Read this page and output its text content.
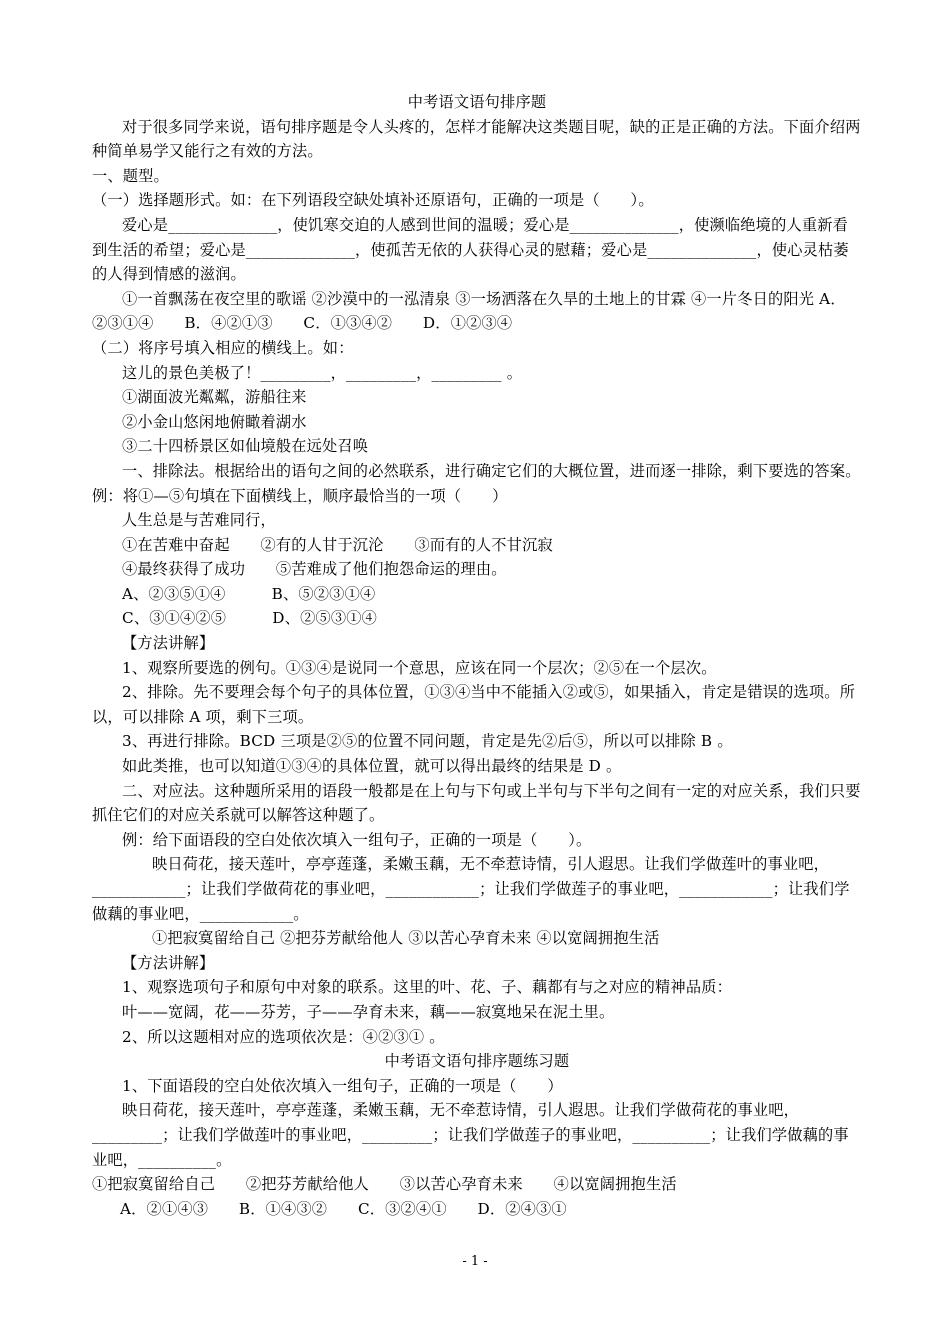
中考语文语句排序题

对于很多同学来说，语句排序题是令人头疼的，怎样才能解决这类题目呢，缺的正是正确的方法。下面介绍两种简单易学又能行之有效的方法。

一、题型。

（一）选择题形式。如：在下列语段空缺处填补还原语句，正确的一项是（　　）。

爱心是______________，使饥寒交迫的人感到世间的温暖；爱心是______________，使濒临绝境的人重新看到生活的希望；爱心是______________，使孤苦无依的人获得心灵的慰藉；爱心是______________，使心灵枯萎的人得到情感的滋润。

①一首飘荡在夜空里的歌谣 ②沙漠中的一泓清泉 ③一场洒落在久旱的土地上的甘霖 ④一片冬日的阳光 A．②③①④　　B．④②①③　　C．①③④②　　D．①②③④

（二）将序号填入相应的横线上。如：

这儿的景色美极了！_________，_________，_________ 。

①湖面波光粼粼，游船往来

②小金山悠闲地俯瞰着湖水

③二十四桥景区如仙境般在远处召唤

一、排除法。根据给出的语句之间的必然联系，进行确定它们的大概位置，进而逐一排除，剩下要选的答案。例：将①—⑤句填在下面横线上，顺序最恰当的一项（　　）

人生总是与苦难同行，

①在苦难中奋起　　②有的人甘于沉沦　　③而有的人不甘沉寂

④最终获得了成功　　⑤苦难成了他们抱怨命运的理由。

A、②③⑤①④　　　B、⑤②③①④

C、③①④②⑤　　　D、②⑤③①④

【方法讲解】

1、观察所要选的例句。①③④是说同一个意思，应该在同一个层次；②⑤在一个层次。

2、排除。先不要理会每个句子的具体位置，①③④当中不能插入②或⑤，如果插入，肯定是错误的选项。所以，可以排除 A 项，剩下三项。

3、再进行排除。BCD 三项是②⑤的位置不同问题，肯定是先②后⑤，所以可以排除 B 。

如此类推，也可以知道①③④的具体位置，就可以得出最终的结果是 D 。

二、对应法。这种题所采用的语段一般都是在上句与下句或上半句与下半句之间有一定的对应关系，我们只要抓住它们的对应关系就可以解答这种题了。

例：给下面语段的空白处依次填入一组句子，正确的一项是（　　）。

映日荷花，接天莲叶，亭亭莲蓬，柔嫩玉藕，无不牵惹诗情，引人遐思。让我们学做莲叶的事业吧，____________；让我们学做荷花的事业吧，____________；让我们学做莲子的事业吧，____________；让我们学做藕的事业吧，____________。

①把寂寞留给自己 ②把芬芳献给他人 ③以苦心孕育未来 ④以宽阔拥抱生活

【方法讲解】

1、观察选项句子和原句中对象的联系。这里的叶、花、子、藕都有与之对应的精神品质：

叶——宽阔，花——芬芳，子——孕育未来，藕——寂寞地呆在泥土里。

2、所以这题相对应的选项依次是：④②③① 。

中考语文语句排序题练习题

1、下面语段的空白处依次填入一组句子，正确的一项是（　　）

映日荷花，接天莲叶，亭亭莲蓬，柔嫩玉藕，无不牵惹诗情，引人遐思。让我们学做荷花的事业吧，_________；让我们学做莲叶的事业吧，_________；让我们学做莲子的事业吧，__________；让我们学做藕的事业吧，__________。

①把寂寞留给自己　　②把芬芳献给他人　　③以苦心孕育未来　　④以宽阔拥抱生活

A．②①④③　　B．①④③②　　C．③②④①　　D．②④③①

- 1 -
